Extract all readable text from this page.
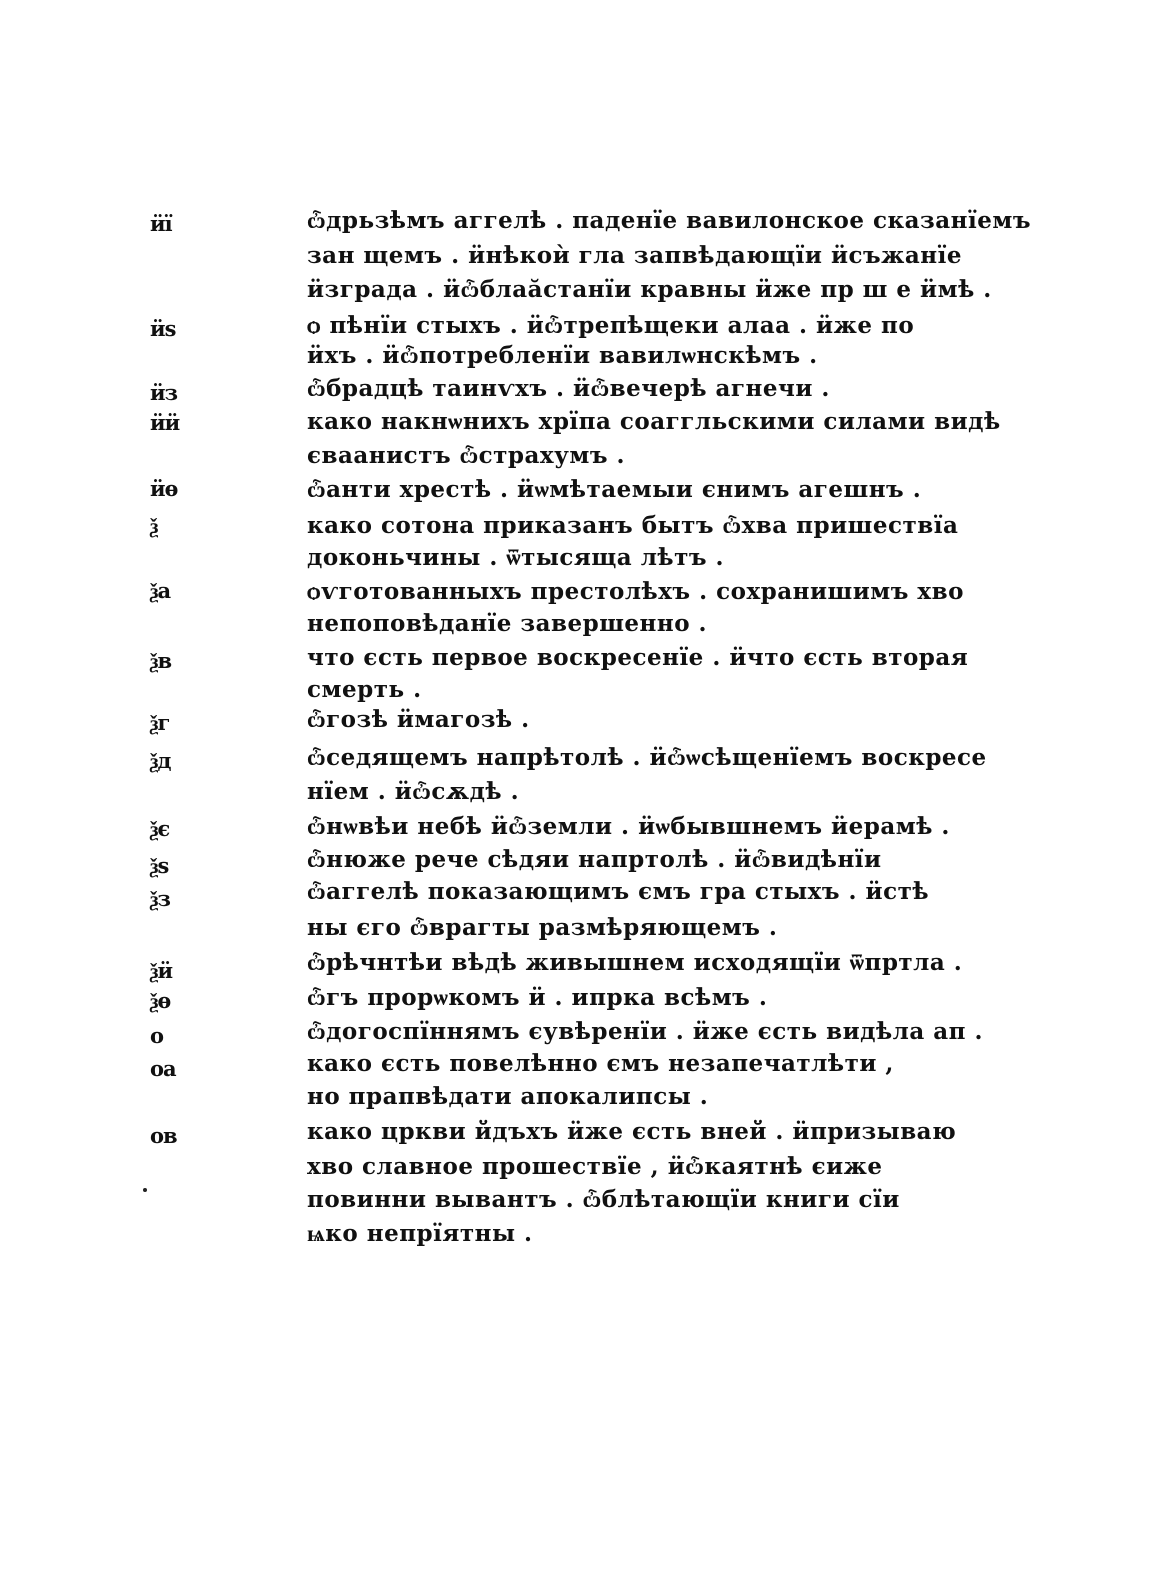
ӥї
ӥѕ
ӥз
ӥӥ
ӥѳ
ѯ
ѯа
ѯв
ѯг
ѯд
ѯє
ѯѕ
ѯз
ѯӥ
ѯѳ
о
оа
ов
ѽдрьзѣмъ аггелѣ . паденїе вавилонское сказанїемъ
зан щемъ . ӥнѣкоѝ гла запвѣдающїи ӥсъжанїе
ӥзграда . ӥѽблаӑстанїи кравны ӥже пр ш е ӥмѣ .
ѻ пѣнїи стыхъ . ӥѽтрепѣщеки алаа . ӥже по
ӥхъ . ӥѽпотребленїи вавилѡнскѣмъ .
ѽбрадцѣ таинѵхъ . ӥѽвечерѣ агнечи .
како накнѡнихъ хрїпа соаггльскими силами видѣ
єваанистъ ѽстрахумъ .
ѽанти хрестѣ . ӥѡмѣтаемыи єнимъ агешнъ .
како сотона приказанъ бытъ ѽхва пришествїа
доконьчины . ѿтысяща лѣтъ .
ѻѵготованныхъ престолѣхъ . сохранишимъ хво
непоповѣданїе завершенно .
что єсть первое воскресенїе . ӥчто єсть вторая
смерть .
ѽгозѣ ӥмагозѣ .
ѽседящемъ напрѣтолѣ . ӥѽѡсѣщенїемъ воскресе
нїем . ӥѽсѫдѣ .
ѽнѡвѣи небѣ ӥѽземли . ӥѡбывшнемъ ӥерамѣ .
ѽнюже рече сѣдяи напртолѣ . ӥѽвидѣнїи
ѽаггелѣ показающимъ ємъ гра стыхъ . ӥстѣ
ны єго ѽврагты размѣряющемъ .
ѽрѣчнтѣи вѣдѣ живышнем исходящїи ѿпртла .
ѽгъ прорѡкомъ ӥ . ипрка всѣмъ .
ѽдогоспїннямъ єувѣренїи . ӥже єсть видѣла ап .
како єсть повелѣнно ємъ незапечатлѣти ,
но прапвѣдати апокалипсы .
како цркви йдъхъ ӥже єсть вней . ӥпризываю
хво славное прошествїе , ӥѽкаятнѣ єиже
повинни вывантъ . ѽблѣтающїи книги сїи
ѩко непрїятны .
